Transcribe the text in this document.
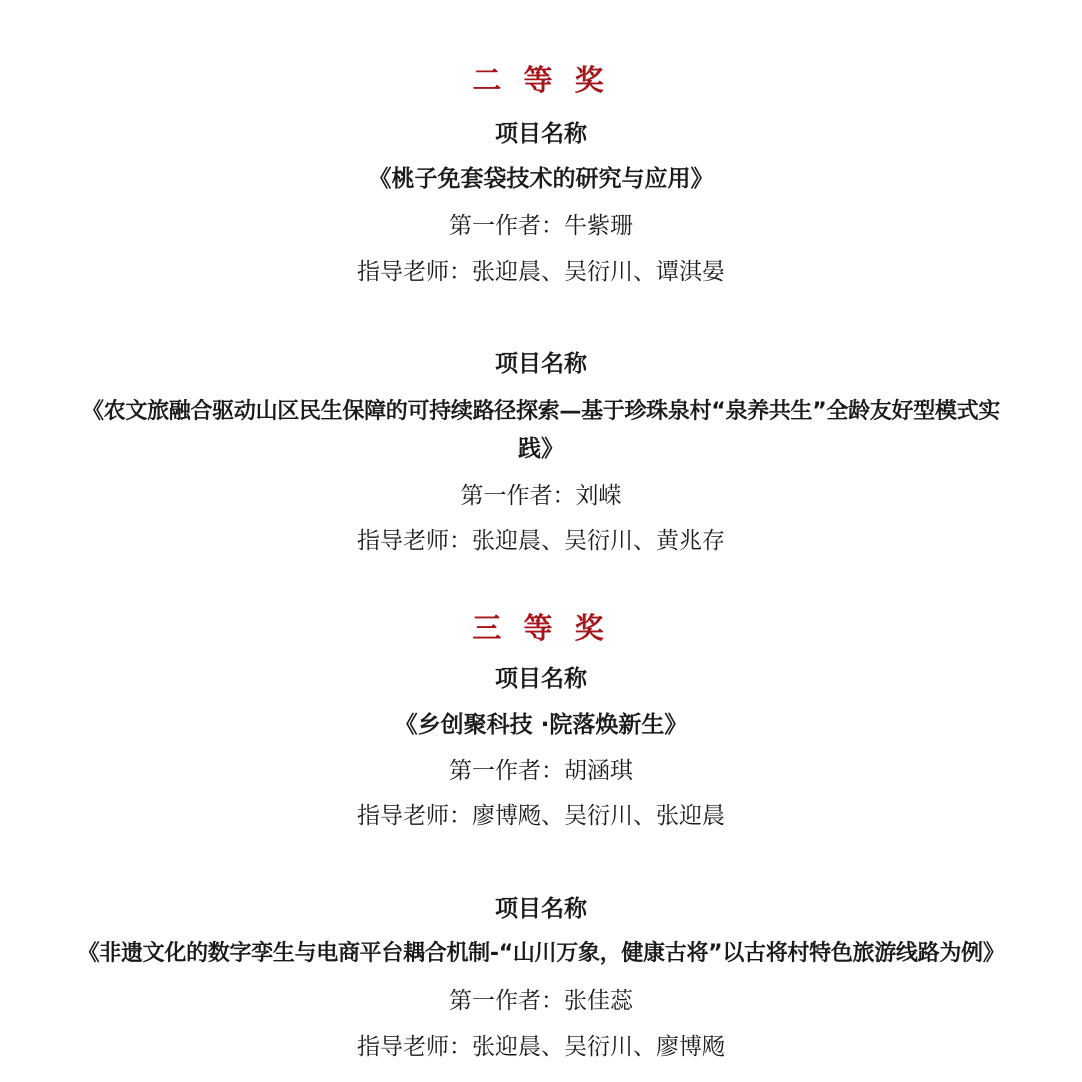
二 等 奖
项目名称
《桃子免套袋技术的研究与应用》
第一作者：牛紫珊
指导老师：张迎晨、吴衍川、谭淇晏
项目名称
《农文旅融合驱动山区民生保障的可持续路径探索—基于珍珠泉村“泉养共生”全龄友好型模式实
践》
第一作者：刘嵘
指导老师：张迎晨、吴衍川、黄兆存
三 等 奖
项目名称
《乡创聚科技 ·院落焕新生》
第一作者：胡涵琪
指导老师：廖博飏、吴衍川、张迎晨
项目名称
《非遗文化的数字孪生与电商平台耦合机制-“山川万象，健康古将”以古将村特色旅游线路为例》
第一作者：张佳蕊
指导老师：张迎晨、吴衍川、廖博飏
